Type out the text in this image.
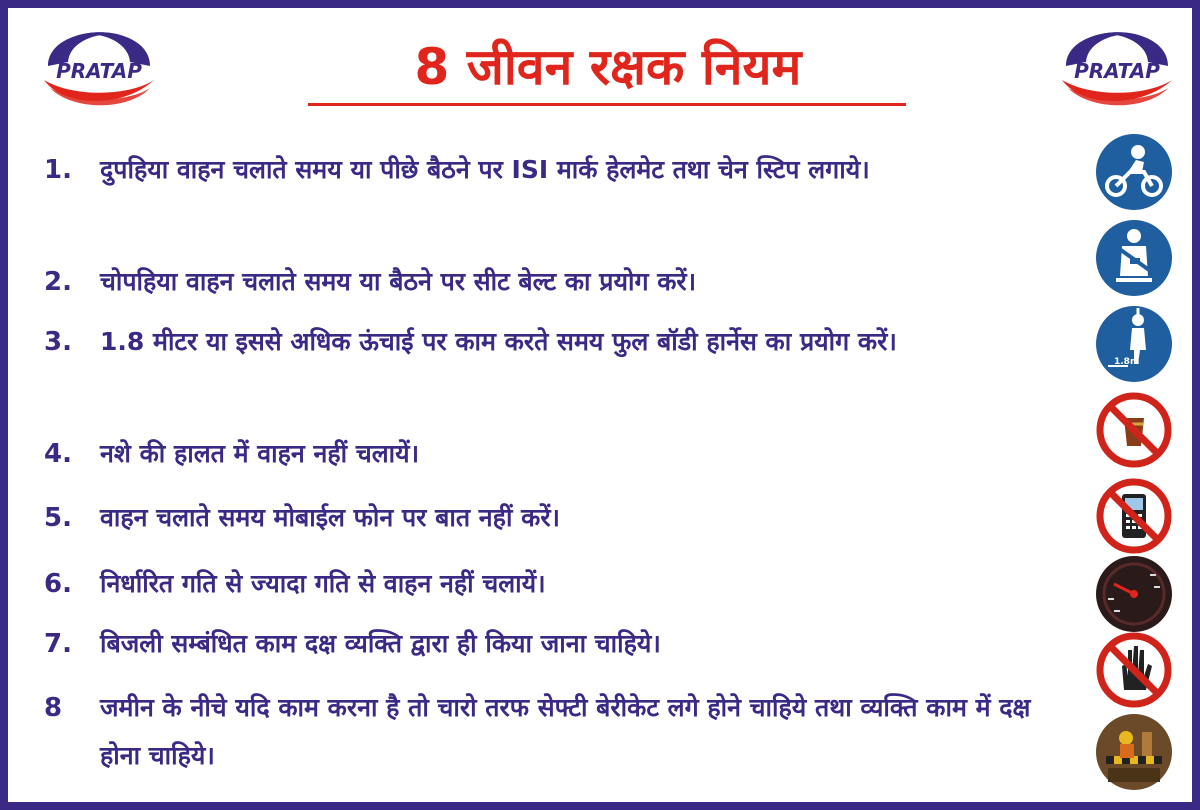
PRATAP	PRATAP
8 जीवन रक्षक नियम
1.	दुपहिया वाहन चलाते समय या पीछे बैठने पर ISI मार्क हेलमेट तथा चेन स्टिप लगाये।
2.	चोपहिया वाहन चलाते समय या बैठने पर सीट बेल्ट का प्रयोग करें।
3.	1.8 मीटर या इससे अधिक ऊंचाई पर काम करते समय फुल बॉडी हार्नेस का प्रयोग करें।
4.	नशे की हालत में वाहन नहीं चलायें।
5.	वाहन चलाते समय मोबाईल फोन पर बात नहीं करें।
6.	निर्धारित गति से ज्यादा गति से वाहन नहीं चलायें।
7.	बिजली सम्बंधित काम दक्ष व्यक्ति द्वारा ही किया जाना चाहिये।
8	जमीन के नीचे यदि काम करना है तो चारो तरफ सेफ्टी बेरीकेट लगे होने चाहिये तथा व्यक्ति काम में दक्ष होना चाहिये।
1.8m
